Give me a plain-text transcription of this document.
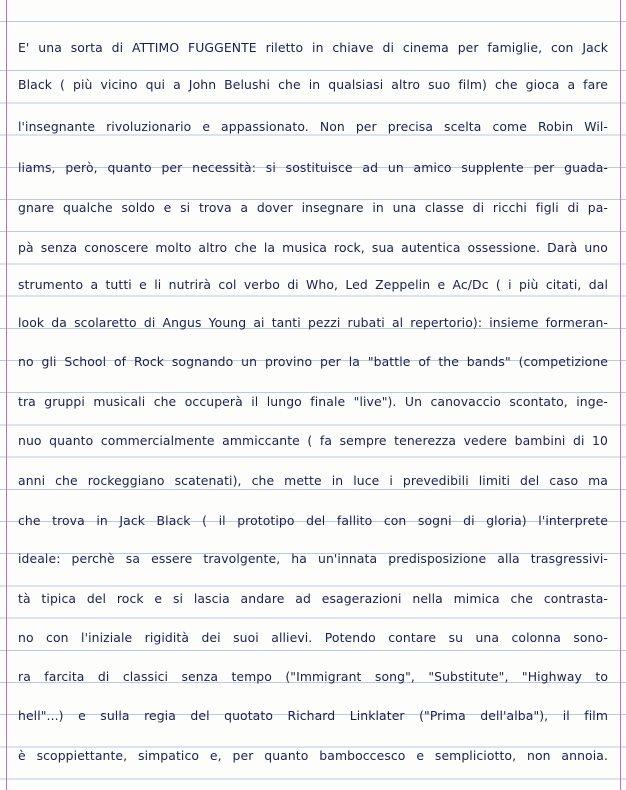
E' una sorta di ATTIMO FUGGENTE riletto in chiave di cinema per famiglie, con Jack
Black ( più vicino qui a John Belushi che in qualsiasi altro suo film) che gioca a fare
l'insegnante rivoluzionario e appassionato. Non per precisa scelta come Robin Wil-
liams, però, quanto per necessità: si sostituisce ad un amico supplente per guada-
gnare qualche soldo e si trova a dover insegnare in una classe di ricchi figli di pa-
pà senza conoscere molto altro che la musica rock, sua autentica ossessione. Darà uno
strumento a tutti e li nutrirà col verbo di Who, Led Zeppelin e Ac/Dc ( i più citati, dal
look da scolaretto di Angus Young ai tanti pezzi rubati al repertorio): insieme formeran-
no gli School of Rock sognando un provino per la "battle of the bands" (competizione
tra gruppi musicali che occuperà il lungo finale "live"). Un canovaccio scontato, inge-
nuo quanto commercialmente ammiccante ( fa sempre tenerezza vedere bambini di 10
anni che rockeggiano scatenati), che mette in luce i prevedibili limiti del caso ma
che trova in Jack Black ( il prototipo del fallito con sogni di gloria) l'interprete
ideale: perchè sa essere travolgente, ha un'innata predisposizione alla trasgressivi-
tà tipica del rock e si lascia andare ad esagerazioni nella mimica che contrasta-
no con l'iniziale rigidità dei suoi allievi. Potendo contare su una colonna sono-
ra farcita di classici senza tempo ("Immigrant song", "Substitute", "Highway to
hell"...) e sulla regia del quotato Richard Linklater ("Prima dell'alba"), il film
è scoppiettante, simpatico e, per quanto bamboccesco e sempliciotto, non annoia.
